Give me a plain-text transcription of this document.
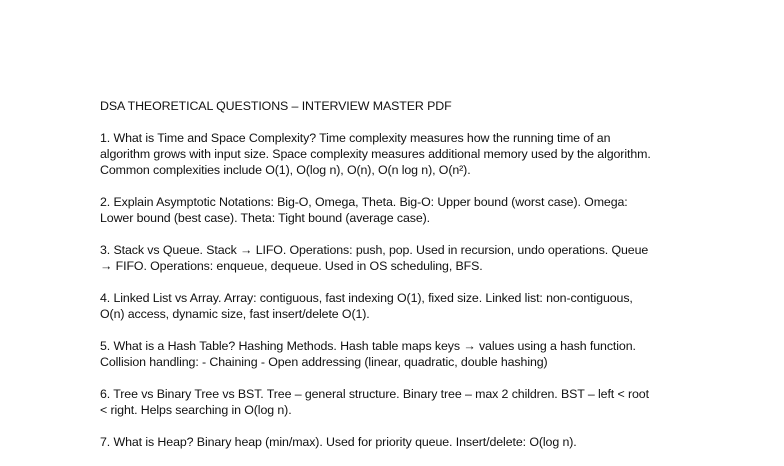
DSA THEORETICAL QUESTIONS – INTERVIEW MASTER PDF
1. What is Time and Space Complexity? Time complexity measures how the running time of an
algorithm grows with input size. Space complexity measures additional memory used by the algorithm.
Common complexities include O(1), O(log n), O(n), O(n log n), O(n²).
2. Explain Asymptotic Notations: Big-O, Omega, Theta. Big-O: Upper bound (worst case). Omega:
Lower bound (best case). Theta: Tight bound (average case).
3. Stack vs Queue. Stack → LIFO. Operations: push, pop. Used in recursion, undo operations. Queue
→ FIFO. Operations: enqueue, dequeue. Used in OS scheduling, BFS.
4. Linked List vs Array. Array: contiguous, fast indexing O(1), fixed size. Linked list: non-contiguous,
O(n) access, dynamic size, fast insert/delete O(1).
5. What is a Hash Table? Hashing Methods. Hash table maps keys → values using a hash function.
Collision handling: - Chaining - Open addressing (linear, quadratic, double hashing)
6. Tree vs Binary Tree vs BST. Tree – general structure. Binary tree – max 2 children. BST – left < root
< right. Helps searching in O(log n).
7. What is Heap? Binary heap (min/max). Used for priority queue. Insert/delete: O(log n).
